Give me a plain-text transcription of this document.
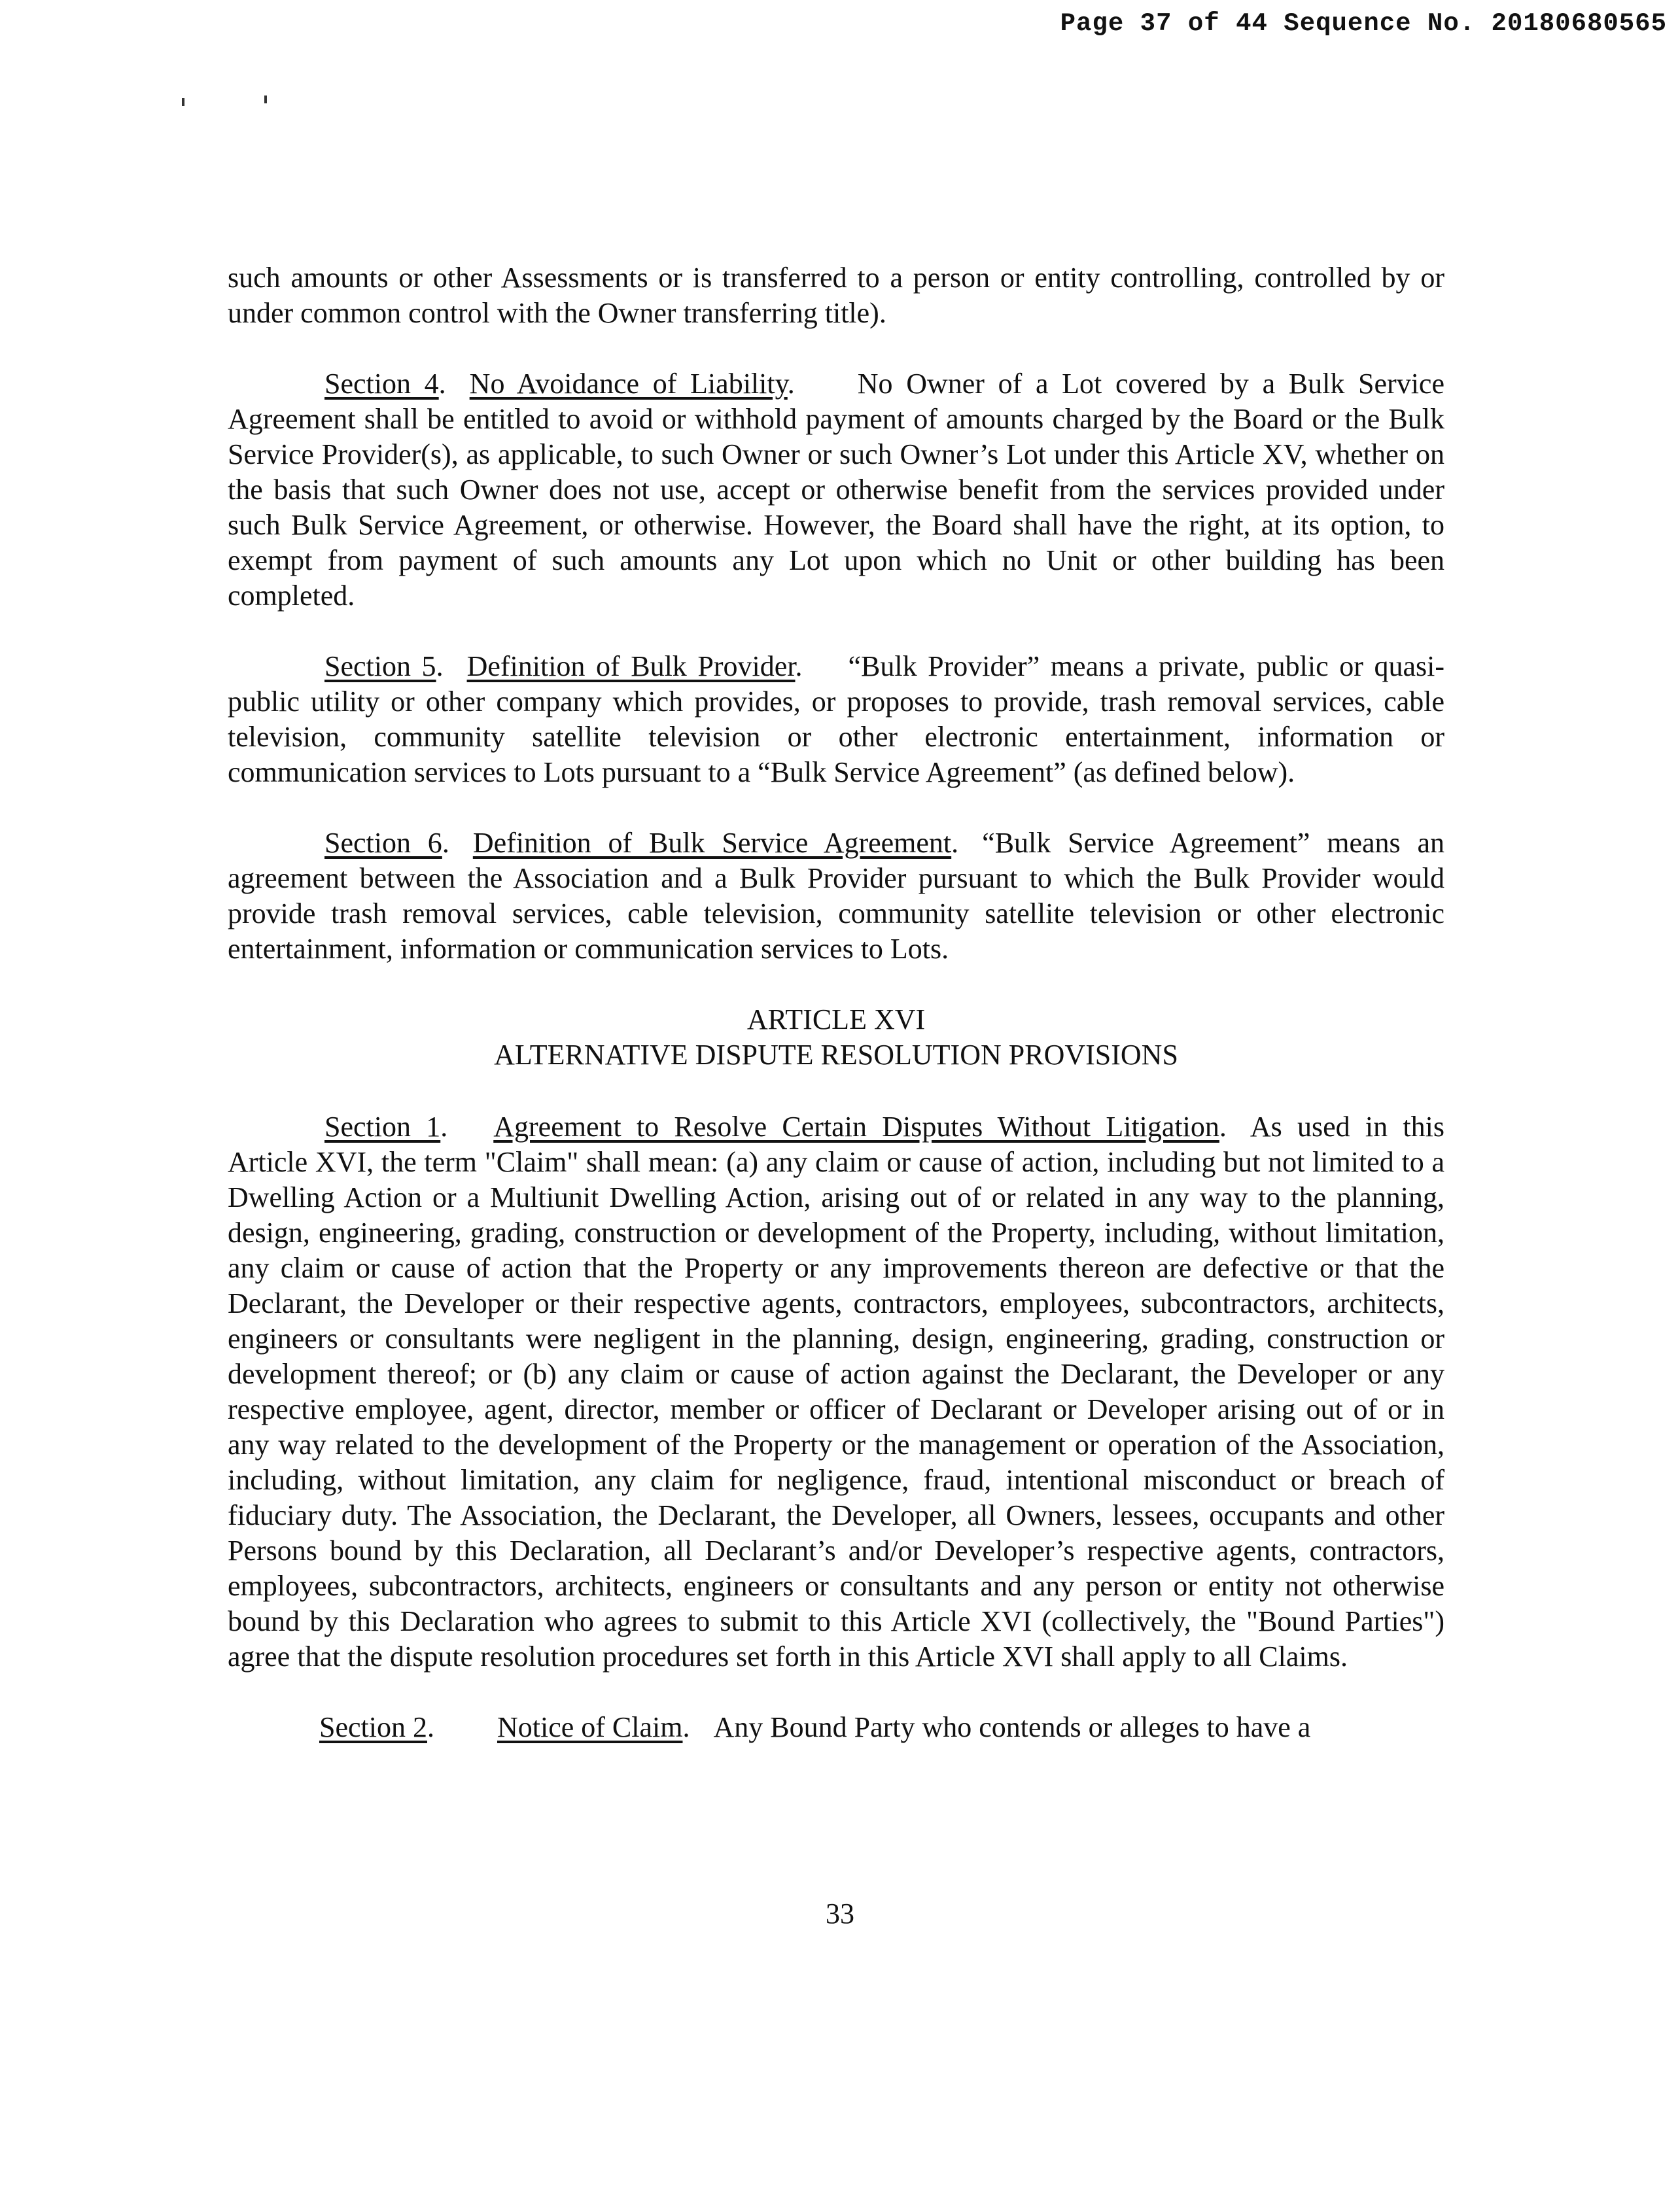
Page 37 of 44 Sequence No. 20180680565

such amounts or other Assessments or is transferred to a person or entity controlling, controlled by or under common control with the Owner transferring title).

Section 4. No Avoidance of Liability. No Owner of a Lot covered by a Bulk Service Agreement shall be entitled to avoid or withhold payment of amounts charged by the Board or the Bulk Service Provider(s), as applicable, to such Owner or such Owner’s Lot under this Article XV, whether on the basis that such Owner does not use, accept or otherwise benefit from the services provided under such Bulk Service Agreement, or otherwise. However, the Board shall have the right, at its option, to exempt from payment of such amounts any Lot upon which no Unit or other building has been completed.

Section 5. Definition of Bulk Provider. “Bulk Provider” means a private, public or quasi-public utility or other company which provides, or proposes to provide, trash removal services, cable television, community satellite television or other electronic entertainment, information or communication services to Lots pursuant to a “Bulk Service Agreement” (as defined below).

Section 6. Definition of Bulk Service Agreement. “Bulk Service Agreement” means an agreement between the Association and a Bulk Provider pursuant to which the Bulk Provider would provide trash removal services, cable television, community satellite television or other electronic entertainment, information or communication services to Lots.

ARTICLE XVI
ALTERNATIVE DISPUTE RESOLUTION PROVISIONS

Section 1. Agreement to Resolve Certain Disputes Without Litigation. As used in this Article XVI, the term "Claim" shall mean: (a) any claim or cause of action, including but not limited to a Dwelling Action or a Multiunit Dwelling Action, arising out of or related in any way to the planning, design, engineering, grading, construction or development of the Property, including, without limitation, any claim or cause of action that the Property or any improvements thereon are defective or that the Declarant, the Developer or their respective agents, contractors, employees, subcontractors, architects, engineers or consultants were negligent in the planning, design, engineering, grading, construction or development thereof; or (b) any claim or cause of action against the Declarant, the Developer or any respective employee, agent, director, member or officer of Declarant or Developer arising out of or in any way related to the development of the Property or the management or operation of the Association, including, without limitation, any claim for negligence, fraud, intentional misconduct or breach of fiduciary duty. The Association, the Declarant, the Developer, all Owners, lessees, occupants and other Persons bound by this Declaration, all Declarant’s and/or Developer’s respective agents, contractors, employees, subcontractors, architects, engineers or consultants and any person or entity not otherwise bound by this Declaration who agrees to submit to this Article XVI (collectively, the "Bound Parties") agree that the dispute resolution procedures set forth in this Article XVI shall apply to all Claims.

Section 2. Notice of Claim. Any Bound Party who contends or alleges to have a

33
